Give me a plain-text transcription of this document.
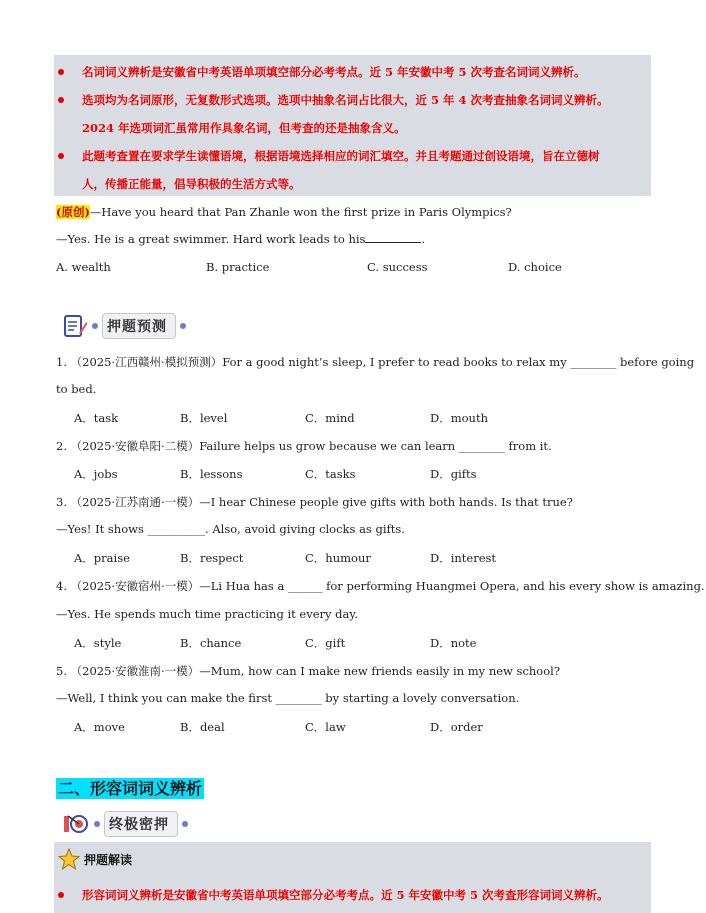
名词词义辨析是安徽省中考英语单项填空部分必考考点。近 5 年安徽中考 5 次考查名词词义辨析。
选项均为名词原形，无复数形式选项。选项中抽象名词占比很大，近 5 年 4 次考查抽象名词词义辨析。
2024 年选项词汇虽常用作具象名词，但考查的还是抽象含义。
此题考查置在要求学生读懂语境，根据语境选择相应的词汇填空。并且考题通过创设语境，旨在立德树
人，传播正能量，倡导积极的生活方式等。
(原创)—Have you heard that Pan Zhanle won the first prize in Paris Olympics?
—Yes. He is a great swimmer. Hard work leads to his	.
A. wealth	B. practice	C. success	D. choice
押题预测
1. （2025·江西赣州·模拟预测）For a good night’s sleep, I prefer to read books to relax my ________ before going
to bed.
A．task	B．level	C．mind	D．mouth
2. （2025·安徽阜阳·二模）Failure helps us grow because we can learn ________ from it.
A．jobs	B．lessons	C．tasks	D．gifts
3. （2025·江苏南通·一模）—I hear Chinese people give gifts with both hands. Is that true?
—Yes! It shows __________. Also, avoid giving clocks as gifts.
A．praise	B．respect	C．humour	D．interest
4. （2025·安徽宿州·一模）—Li Hua has a ______ for performing Huangmei Opera, and his every show is amazing.
—Yes. He spends much time practicing it every day.
A．style	B．chance	C．gift	D．note
5. （2025·安徽淮南·一模）—Mum, how can I make new friends easily in my new school?
—Well, I think you can make the first ________ by starting a lovely conversation.
A．move	B．deal	C．law	D．order
二、形容词词义辨析
终极密押
押题解读
形容词词义辨析是安徽省中考英语单项填空部分必考考点。近 5 年安徽中考 5 次考查形容词词义辨析。
